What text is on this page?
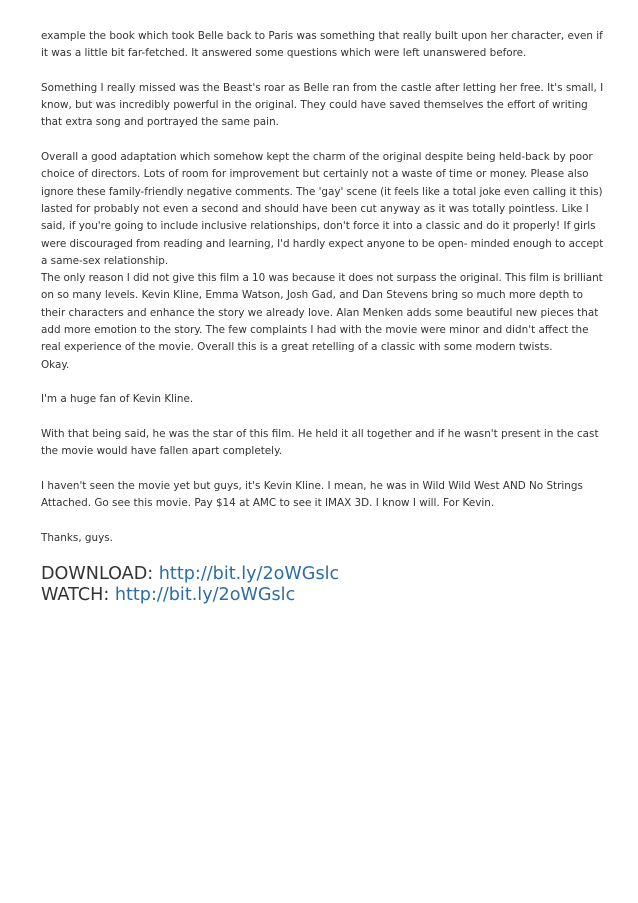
example the book which took Belle back to Paris was something that really built upon her character, even if
it was a little bit far-fetched. It answered some questions which were left unanswered before.
Something I really missed was the Beast's roar as Belle ran from the castle after letting her free. It's small, I
know, but was incredibly powerful in the original. They could have saved themselves the effort of writing
that extra song and portrayed the same pain.
Overall a good adaptation which somehow kept the charm of the original despite being held-back by poor
choice of directors. Lots of room for improvement but certainly not a waste of time or money. Please also
ignore these family-friendly negative comments. The 'gay' scene (it feels like a total joke even calling it this)
lasted for probably not even a second and should have been cut anyway as it was totally pointless. Like I
said, if you're going to include inclusive relationships, don't force it into a classic and do it properly! If girls
were discouraged from reading and learning, I'd hardly expect anyone to be open- minded enough to accept
a same-sex relationship.
The only reason I did not give this film a 10 was because it does not surpass the original. This film is brilliant
on so many levels. Kevin Kline, Emma Watson, Josh Gad, and Dan Stevens bring so much more depth to
their characters and enhance the story we already love. Alan Menken adds some beautiful new pieces that
add more emotion to the story. The few complaints I had with the movie were minor and didn't affect the
real experience of the movie. Overall this is a great retelling of a classic with some modern twists.
Okay.
I'm a huge fan of Kevin Kline.
With that being said, he was the star of this film. He held it all together and if he wasn't present in the cast
the movie would have fallen apart completely.
I haven't seen the movie yet but guys, it's Kevin Kline. I mean, he was in Wild Wild West AND No Strings
Attached. Go see this movie. Pay $14 at AMC to see it IMAX 3D. I know I will. For Kevin.
Thanks, guys.
DOWNLOAD: http://bit.ly/2oWGslc
WATCH: http://bit.ly/2oWGslc
